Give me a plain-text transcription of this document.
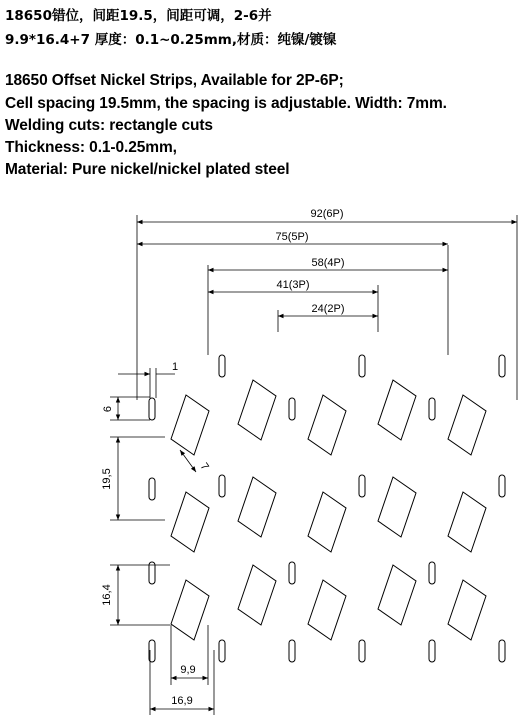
18650错位，间距19.5，间距可调，2-6并
9.9*16.4+7 厚度：0.1~0.25mm,材质：纯镍/镀镍
18650 Offset Nickel Strips, Available for 2P-6P;
Cell spacing 19.5mm, the spacing is adjustable. Width: 7mm.
Welding cuts: rectangle cuts
Thickness: 0.1-0.25mm,
Material: Pure nickel/nickel plated steel
92(6P)
75(5P)
58(4P)
41(3P)
24(2P)
1
6
19,5
16,4
7
9,9
16,9
